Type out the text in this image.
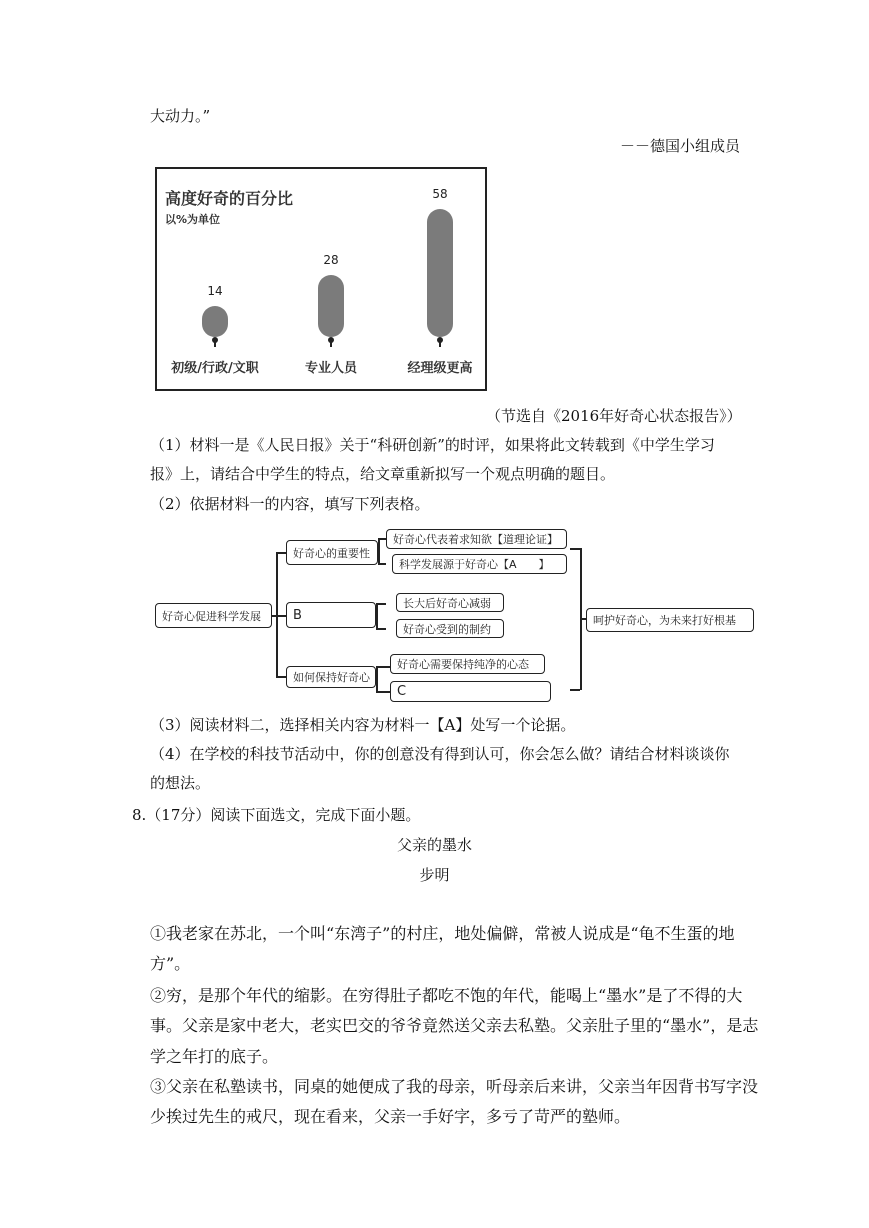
大动力。”
－－德国小组成员
高度好奇的百分比
以%为单位
14
初级/行政/文职
28
专业人员
58
经理级更高
（节选自《2016年好奇心状态报告》）
（1）材料一是《人民日报》关于“科研创新”的时评，如果将此文转载到《中学生学习
报》上，请结合中学生的特点，给文章重新拟写一个观点明确的题目。
（2）依据材料一的内容，填写下列表格。
好奇心促进科学发展
好奇心的重要性
好奇心代表着求知欲【道理论证】
科学发展源于好奇心【A　　】
B
长大后好奇心减弱
好奇心受到的制约
如何保持好奇心
好奇心需要保持纯净的心态
C
呵护好奇心，为未来打好根基
（3）阅读材料二，选择相关内容为材料一【A】处写一个论据。
（4）在学校的科技节活动中，你的创意没有得到认可，你会怎么做？请结合材料谈谈你
的想法。
8.（17分）阅读下面选文，完成下面小题。
父亲的墨水
步明
①我老家在苏北，一个叫“东湾子”的村庄，地处偏僻，常被人说成是“龟不生蛋的地
方”。
②穷，是那个年代的缩影。在穷得肚子都吃不饱的年代，能喝上“墨水”是了不得的大
事。父亲是家中老大，老实巴交的爷爷竟然送父亲去私塾。父亲肚子里的“墨水”，是志
学之年打的底子。
③父亲在私塾读书，同桌的她便成了我的母亲，听母亲后来讲，父亲当年因背书写字没
少挨过先生的戒尺，现在看来，父亲一手好字，多亏了苛严的塾师。
